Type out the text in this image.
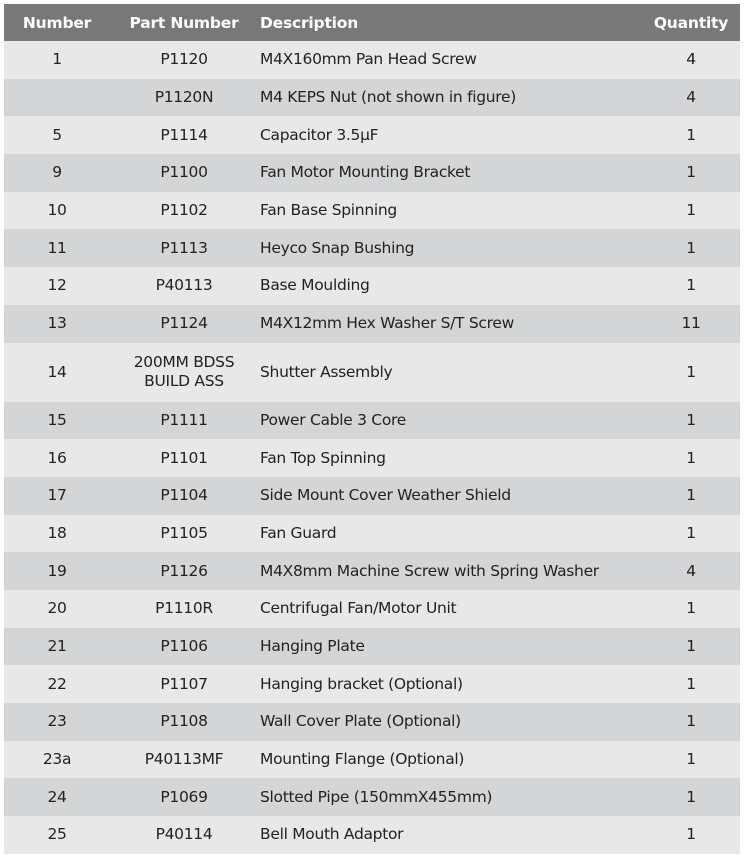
Number	Part Number	Description	Quantity
1	P1120	M4X160mm Pan Head Screw	4

	P1120N	M4 KEPS Nut (not shown in figure)	4
5	P1114	Capacitor 3.5µF	1
9	P1100	Fan Motor Mounting Bracket	1
10	P1102	Fan Base Spinning	1
11	P1113	Heyco Snap Bushing	1
12	P40113	Base Moulding	1
13	P1124	M4X12mm Hex Washer S/T Screw	11
14	200MM BDSS
BUILD ASS	Shutter Assembly	1
15	P1111	Power Cable 3 Core	1
16	P1101	Fan Top Spinning	1
17	P1104	Side Mount Cover Weather Shield	1
18	P1105	Fan Guard	1
19	P1126	M4X8mm Machine Screw with Spring Washer	4
20	P1110R	Centrifugal Fan/Motor Unit	1
21	P1106	Hanging Plate	1
22	P1107	Hanging bracket (Optional)	1
23	P1108	Wall Cover Plate (Optional)	1
23a	P40113MF	Mounting Flange (Optional)	1
24	P1069	Slotted Pipe (150mmX455mm)	1
25	P40114	Bell Mouth Adaptor	1
